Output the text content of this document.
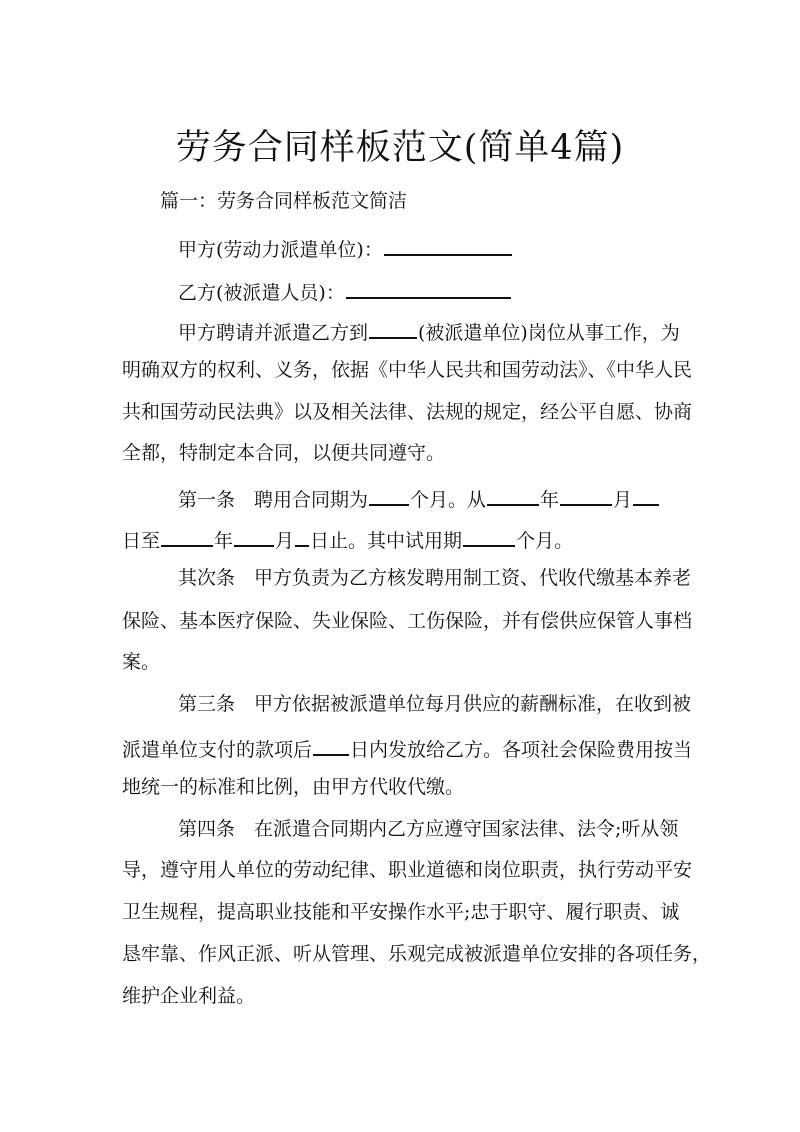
劳务合同样板范文(简单4篇)
篇一：劳务合同样板范文简洁
甲方(劳动力派遣单位)：
乙方(被派遣人员)：
甲方聘请并派遣乙方到	(被派遣单位)岗位从事工作，为
明确双方的权利、义务，依据《中华人民共和国劳动法》、《中华人民
共和国劳动民法典》以及相关法律、法规的规定，经公平自愿、协商
全都，特制定本合同，以便共同遵守。
第一条　聘用合同期为 个月。从	年	月
日至	年 月 日止。其中试用期	个月。
其次条　甲方负责为乙方核发聘用制工资、代收代缴基本养老
保险、基本医疗保险、失业保险、工伤保险，并有偿供应保管人事档
案。
第三条　甲方依据被派遣单位每月供应的薪酬标准，在收到被
派遣单位支付的款项后 日内发放给乙方。各项社会保险费用按当
地统一的标准和比例，由甲方代收代缴。
第四条　在派遣合同期内乙方应遵守国家法律、法令;听从领
导，遵守用人单位的劳动纪律、职业道德和岗位职责，执行劳动平安
卫生规程，提高职业技能和平安操作水平;忠于职守、履行职责、诚
恳牢靠、作风正派、听从管理、乐观完成被派遣单位安排的各项任务，
维护企业利益。
